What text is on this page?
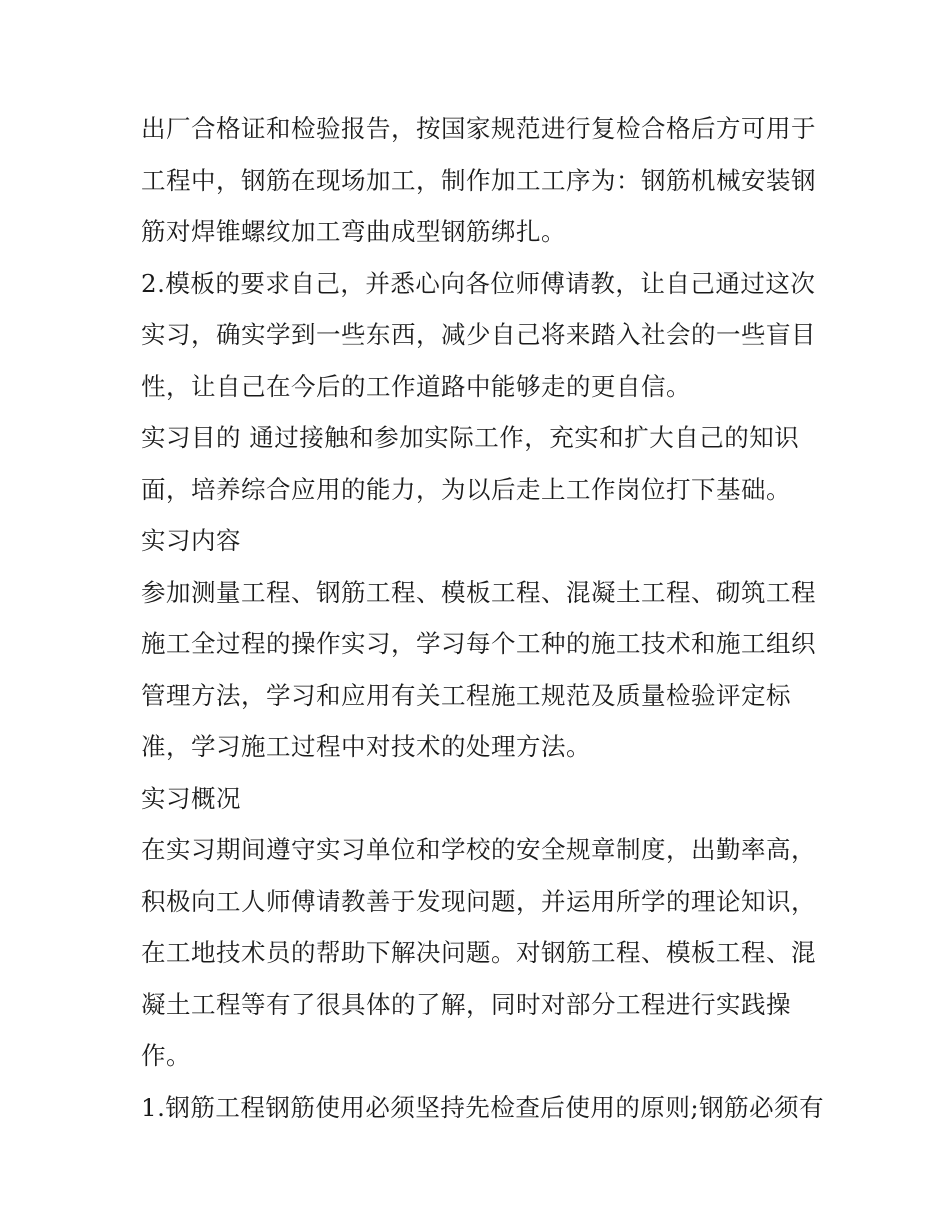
出厂合格证和检验报告，按国家规范进行复检合格后方可用于
工程中，钢筋在现场加工，制作加工工序为：钢筋机械安装钢
筋对焊锥螺纹加工弯曲成型钢筋绑扎。
2.模板的要求自己，并悉心向各位师傅请教，让自己通过这次
实习，确实学到一些东西，减少自己将来踏入社会的一些盲目
性，让自己在今后的工作道路中能够走的更自信。
实习目的 通过接触和参加实际工作，充实和扩大自己的知识
面，培养综合应用的能力，为以后走上工作岗位打下基础。
实习内容
参加测量工程、钢筋工程、模板工程、混凝土工程、砌筑工程
施工全过程的操作实习，学习每个工种的施工技术和施工组织
管理方法，学习和应用有关工程施工规范及质量检验评定标
准，学习施工过程中对技术的处理方法。
实习概况
在实习期间遵守实习单位和学校的安全规章制度，出勤率高，
积极向工人师傅请教善于发现问题，并运用所学的理论知识，
在工地技术员的帮助下解决问题。对钢筋工程、模板工程、混
凝土工程等有了很具体的了解，同时对部分工程进行实践操
作。
1.钢筋工程钢筋使用必须坚持先检查后使用的原则;钢筋必须有
